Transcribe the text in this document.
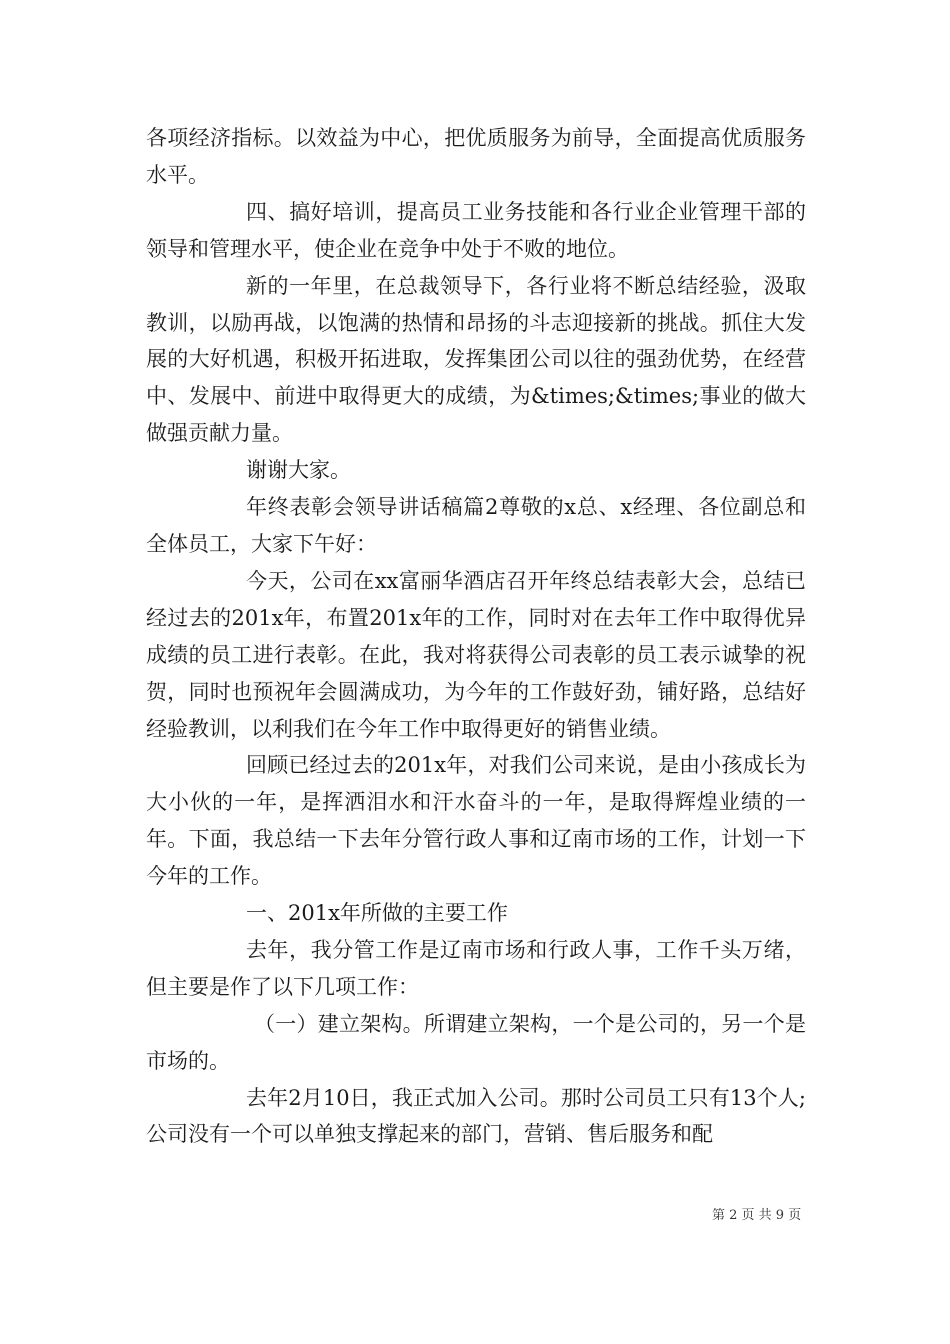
各项经济指标。以效益为中心，把优质服务为前导，全面提高优质服务水平。

四、搞好培训，提高员工业务技能和各行业企业管理干部的领导和管理水平，使企业在竞争中处于不败的地位。

新的一年里，在总裁领导下，各行业将不断总结经验，汲取教训，以励再战，以饱满的热情和昂扬的斗志迎接新的挑战。抓住大发展的大好机遇，积极开拓进取，发挥集团公司以往的强劲优势，在经营中、发展中、前进中取得更大的成绩，为&times;&times;事业的做大做强贡献力量。

谢谢大家。

年终表彰会领导讲话稿篇2尊敬的x总、x经理、各位副总和全体员工，大家下午好：

今天，公司在xx富丽华酒店召开年终总结表彰大会，总结已经过去的201x年，布置201x年的工作，同时对在去年工作中取得优异成绩的员工进行表彰。在此，我对将获得公司表彰的员工表示诚挚的祝贺，同时也预祝年会圆满成功，为今年的工作鼓好劲，铺好路，总结好经验教训，以利我们在今年工作中取得更好的销售业绩。

回顾已经过去的201x年，对我们公司来说，是由小孩成长为大小伙的一年，是挥洒泪水和汗水奋斗的一年，是取得辉煌业绩的一年。下面，我总结一下去年分管行政人事和辽南市场的工作，计划一下今年的工作。

一、201x年所做的主要工作

去年，我分管工作是辽南市场和行政人事，工作千头万绪，但主要是作了以下几项工作：

（一）建立架构。所谓建立架构，一个是公司的，另一个是市场的。

去年2月10日，我正式加入公司。那时公司员工只有13个人;公司没有一个可以单独支撑起来的部门，营销、售后服务和配

第 2 页 共 9 页
